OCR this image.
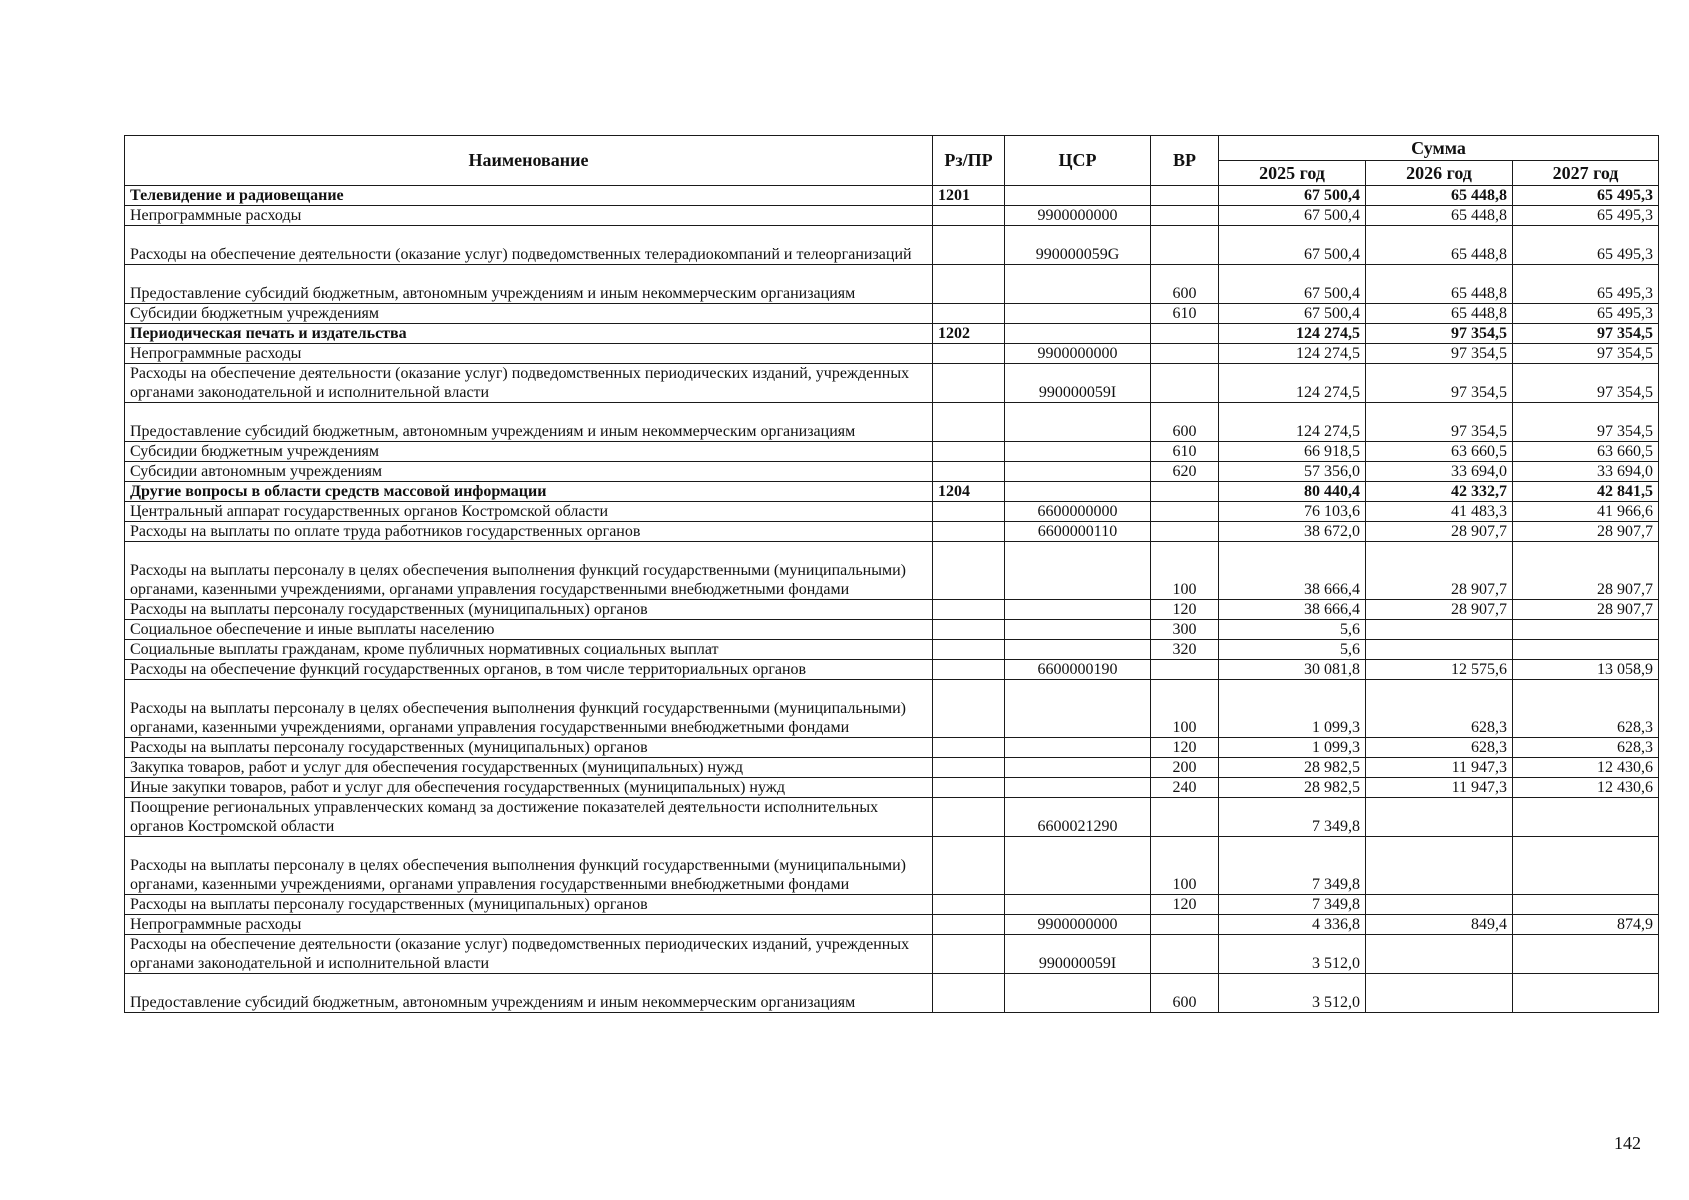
Наименование	Рз/ПР	ЦСР	ВР	Сумма		
				2025 год	2026 год	2027 год
Телевидение и радиовещание	1201			67 500,4	65 448,8	65 495,3
Непрограммные расходы		9900000000		67 500,4	65 448,8	65 495,3
Расходы на обеспечение деятельности (оказание услуг) подведомственных телерадиокомпаний и телеорганизаций		990000059G		67 500,4	65 448,8	65 495,3
Предоставление субсидий бюджетным, автономным учреждениям и иным некоммерческим организациям			600	67 500,4	65 448,8	65 495,3
Субсидии бюджетным учреждениям			610	67 500,4	65 448,8	65 495,3
Периодическая печать и издательства	1202			124 274,5	97 354,5	97 354,5
Непрограммные расходы		9900000000		124 274,5	97 354,5	97 354,5
Расходы на обеспечение деятельности (оказание услуг) подведомственных периодических изданий, учрежденных органами законодательной и исполнительной власти		990000059I		124 274,5	97 354,5	97 354,5
Предоставление субсидий бюджетным, автономным учреждениям и иным некоммерческим организациям			600	124 274,5	97 354,5	97 354,5
Субсидии бюджетным учреждениям			610	66 918,5	63 660,5	63 660,5
Субсидии автономным учреждениям			620	57 356,0	33 694,0	33 694,0
Другие вопросы в области средств массовой информации	1204			80 440,4	42 332,7	42 841,5
Центральный аппарат государственных органов Костромской области		6600000000		76 103,6	41 483,3	41 966,6
Расходы на выплаты по оплате труда работников государственных органов		6600000110		38 672,0	28 907,7	28 907,7
Расходы на выплаты персоналу в целях обеспечения выполнения функций государственными (муниципальными) органами, казенными учреждениями, органами управления государственными внебюджетными фондами			100	38 666,4	28 907,7	28 907,7
Расходы на выплаты персоналу государственных (муниципальных) органов			120	38 666,4	28 907,7	28 907,7
Социальное обеспечение и иные выплаты населению			300	5,6		
Социальные выплаты гражданам, кроме публичных нормативных социальных выплат			320	5,6		
Расходы на обеспечение функций государственных органов, в том числе территориальных органов		6600000190		30 081,8	12 575,6	13 058,9
Расходы на выплаты персоналу в целях обеспечения выполнения функций государственными (муниципальными) органами, казенными учреждениями, органами управления государственными внебюджетными фондами			100	1 099,3	628,3	628,3
Расходы на выплаты персоналу государственных (муниципальных) органов			120	1 099,3	628,3	628,3
Закупка товаров, работ и услуг для обеспечения государственных (муниципальных) нужд			200	28 982,5	11 947,3	12 430,6
Иные закупки товаров, работ и услуг для обеспечения государственных (муниципальных) нужд			240	28 982,5	11 947,3	12 430,6
Поощрение региональных управленческих команд за достижение показателей деятельности исполнительных органов Костромской области		6600021290		7 349,8		
Расходы на выплаты персоналу в целях обеспечения выполнения функций государственными (муниципальными) органами, казенными учреждениями, органами управления государственными внебюджетными фондами			100	7 349,8		
Расходы на выплаты персоналу государственных (муниципальных) органов			120	7 349,8		
Непрограммные расходы		9900000000		4 336,8	849,4	874,9
Расходы на обеспечение деятельности (оказание услуг) подведомственных периодических изданий, учрежденных органами законодательной и исполнительной власти		990000059I		3 512,0		
Предоставление субсидий бюджетным, автономным учреждениям и иным некоммерческим организациям			600	3 512,0		
142
